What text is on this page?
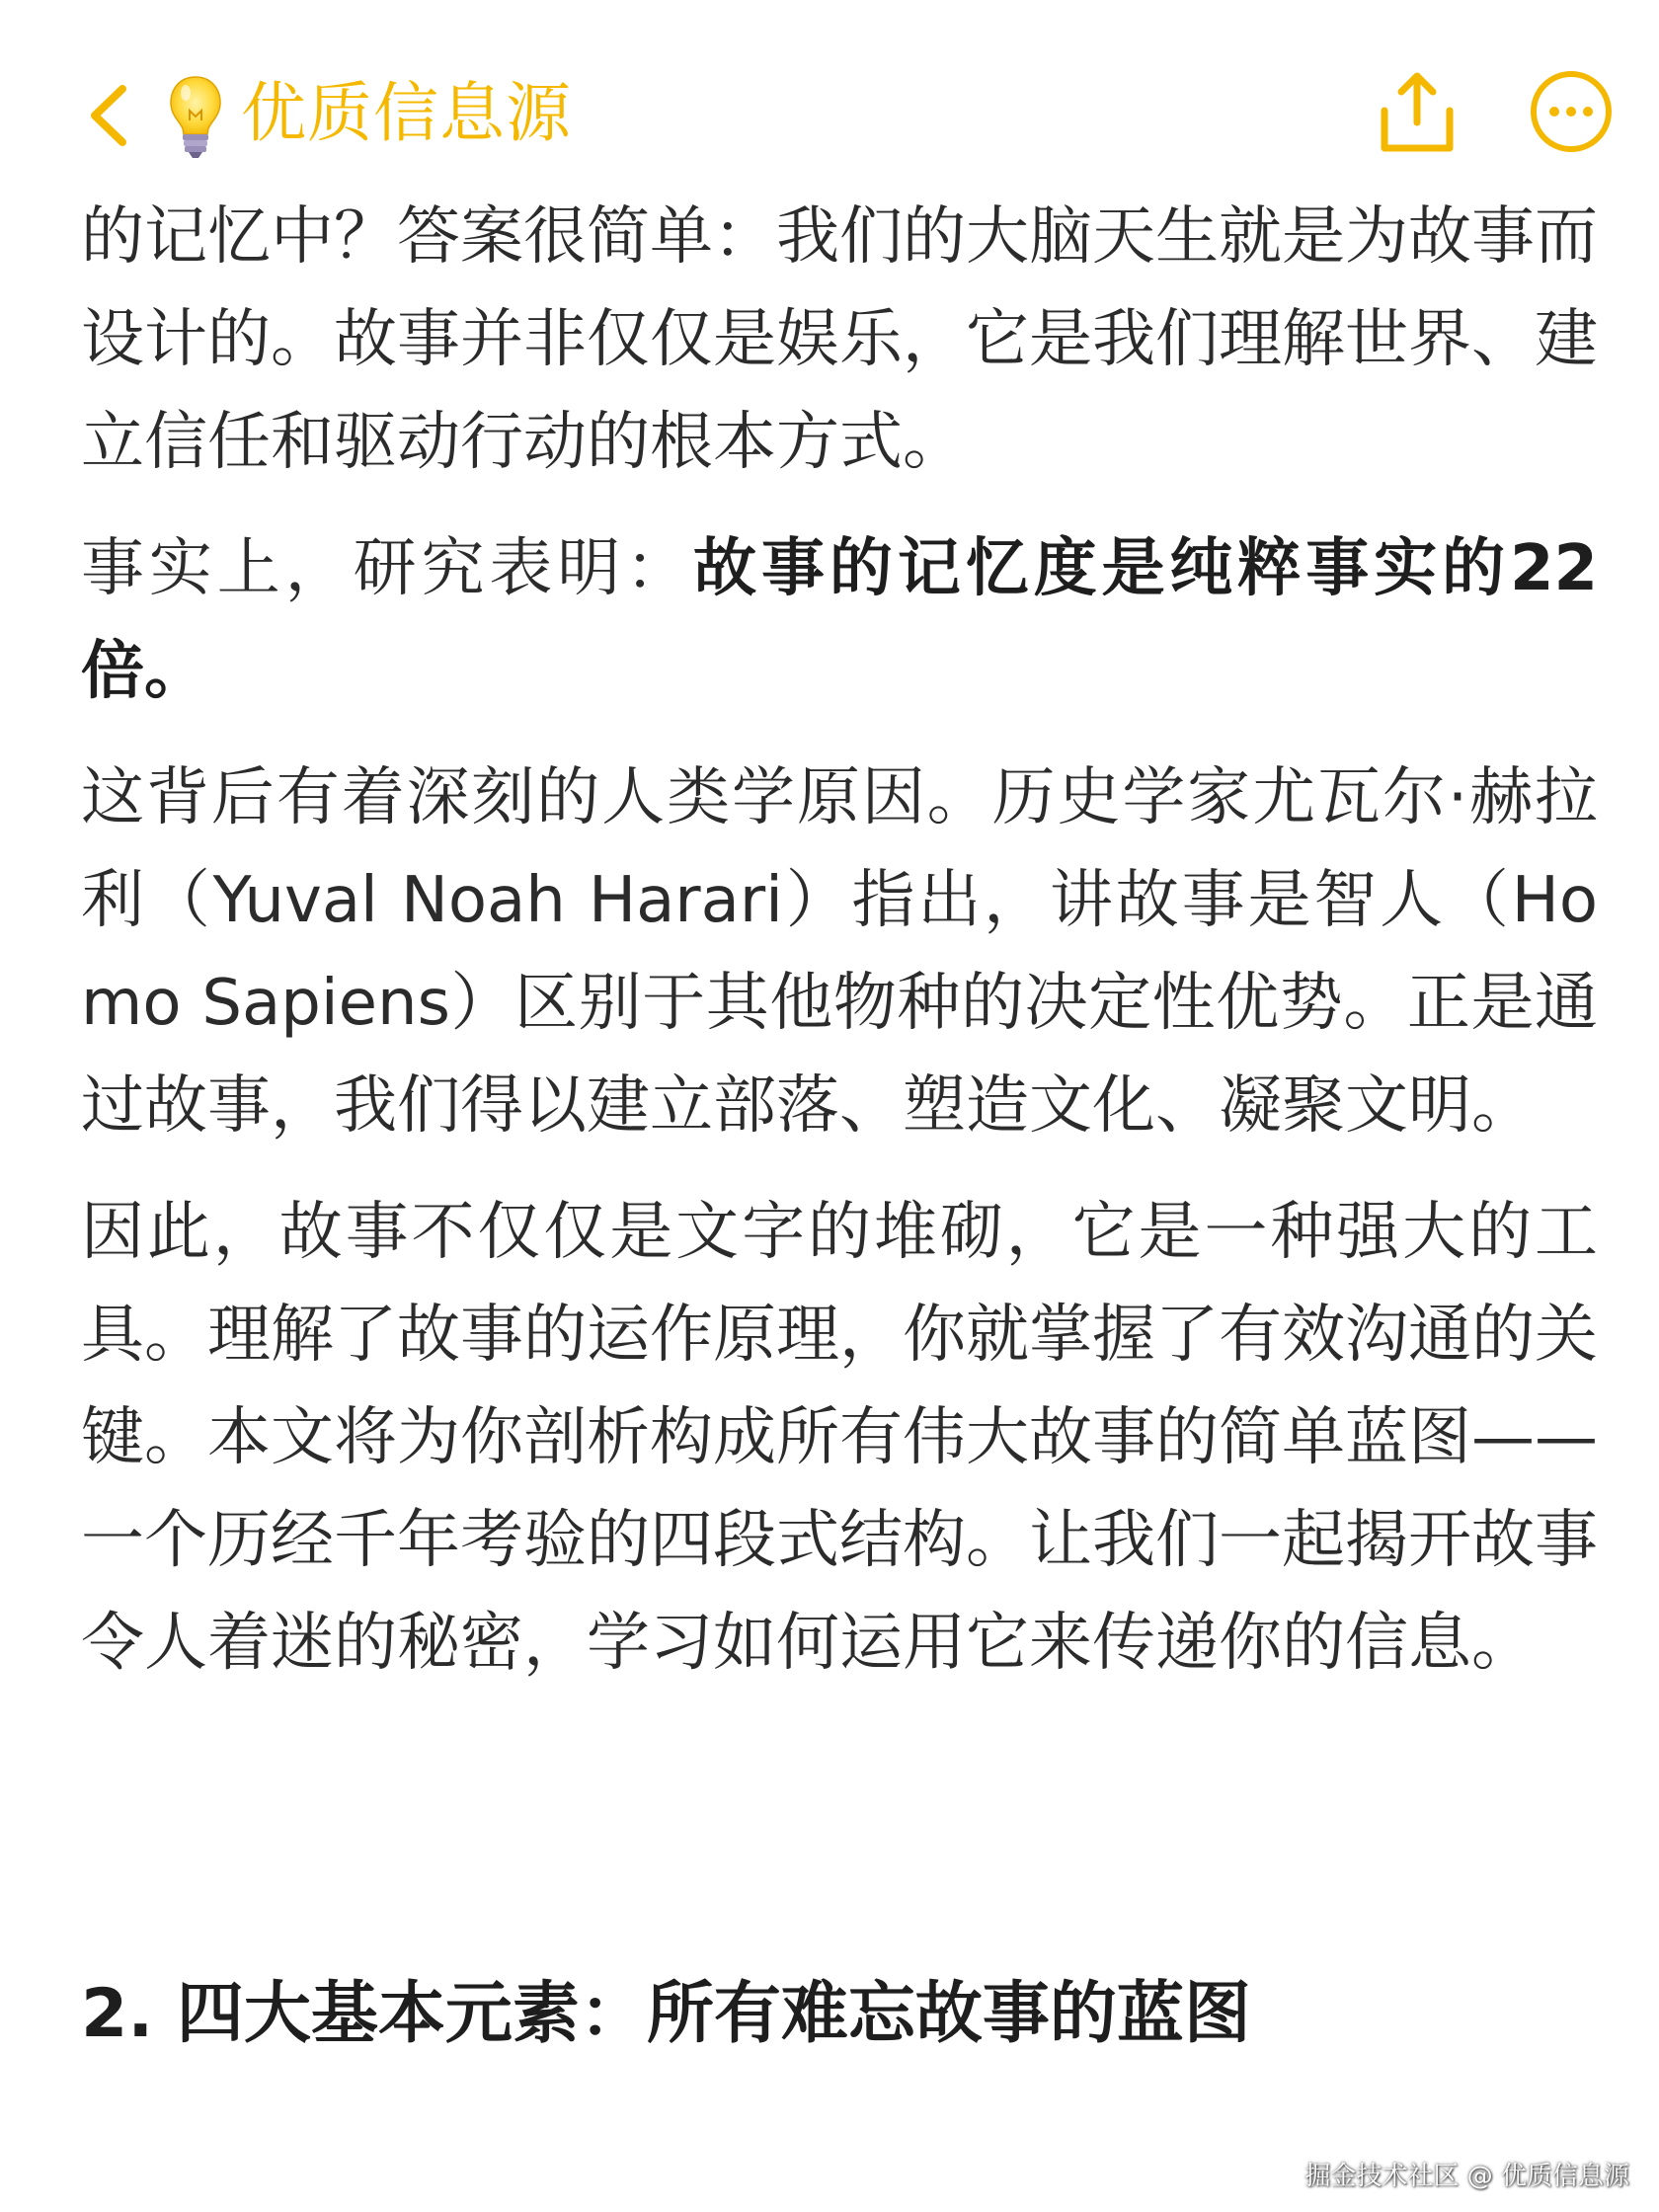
优质信息源

的记忆中？答案很简单：我们的大脑天生就是为故事而设计的。故事并非仅仅是娱乐，它是我们理解世界、建立信任和驱动行动的根本方式。

事实上，研究表明：故事的记忆度是纯粹事实的22倍。

这背后有着深刻的人类学原因。历史学家尤瓦尔·赫拉利（Yuval Noah Harari）指出，讲故事是智人（Homo Sapiens）区别于其他物种的决定性优势。正是通过故事，我们得以建立部落、塑造文化、凝聚文明。

因此，故事不仅仅是文字的堆砌，它是一种强大的工具。理解了故事的运作原理，你就掌握了有效沟通的关键。本文将为你剖析构成所有伟大故事的简单蓝图——一个历经千年考验的四段式结构。让我们一起揭开故事令人着迷的秘密，学习如何运用它来传递你的信息。

2. 四大基本元素：所有难忘故事的蓝图
掘金技术社区 @ 优质信息源
